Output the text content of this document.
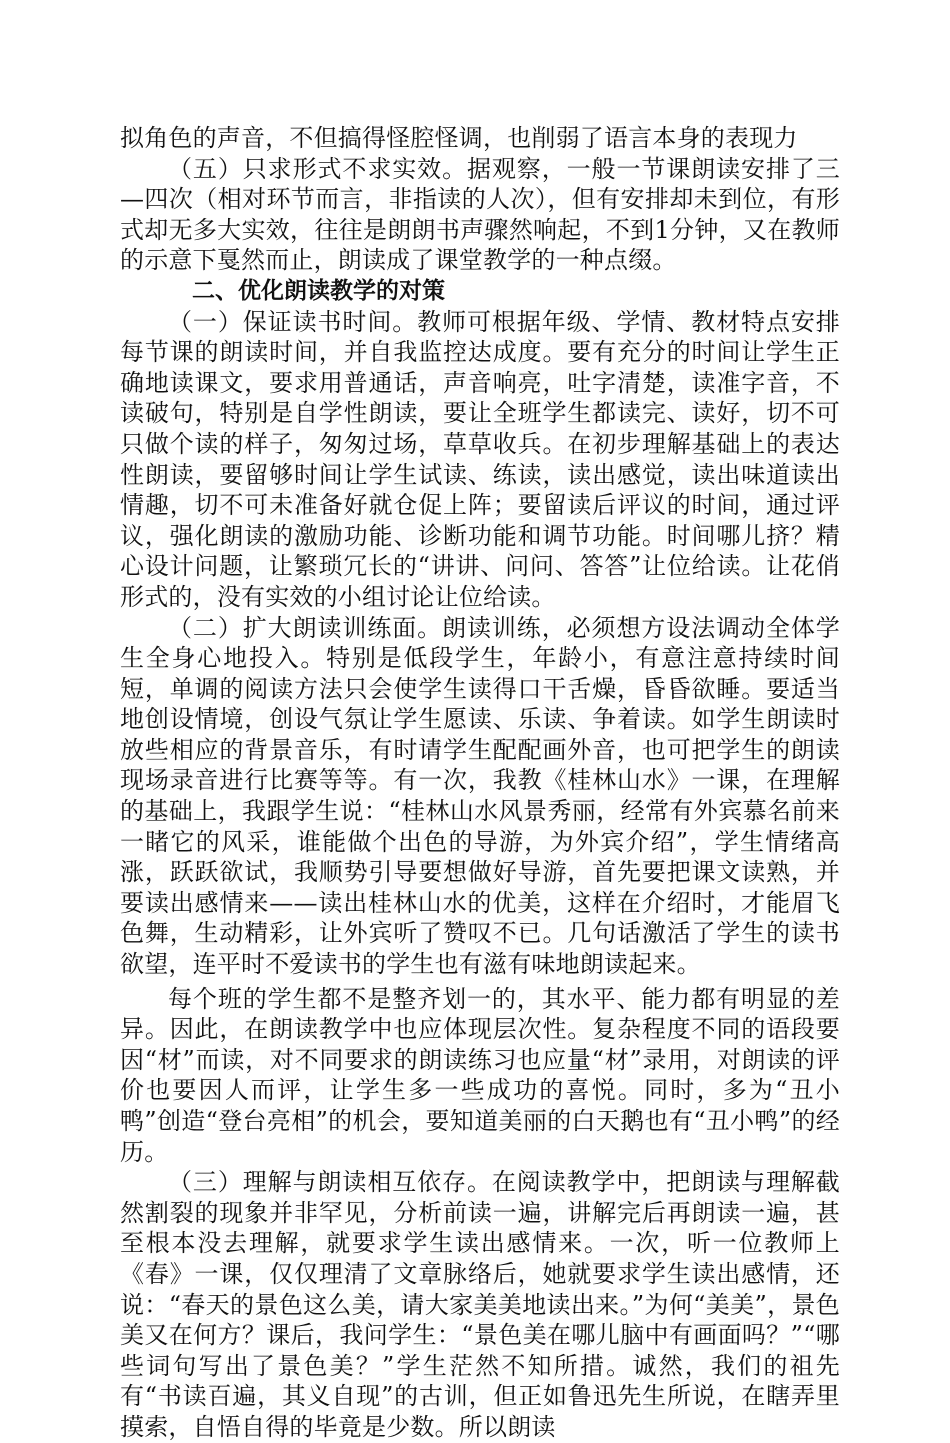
拟角色的声音，不但搞得怪腔怪调，也削弱了语言本身的表现力

（五）只求形式不求实效。据观察，一般一节课朗读安排了三—四次（相对环节而言，非指读的人次），但有安排却未到位，有形式却无多大实效，往往是朗朗书声骤然响起，不到1分钟，又在教师的示意下戛然而止，朗读成了课堂教学的一种点缀。

二、优化朗读教学的对策

（一）保证读书时间。教师可根据年级、学情、教材特点安排每节课的朗读时间，并自我监控达成度。要有充分的时间让学生正确地读课文，要求用普通话，声音响亮，吐字清楚，读准字音，不读破句，特别是自学性朗读，要让全班学生都读完、读好，切不可只做个读的样子，匆匆过场，草草收兵。在初步理解基础上的表达性朗读，要留够时间让学生试读、练读，读出感觉，读出味道读出情趣，切不可未准备好就仓促上阵；要留读后评议的时间，通过评议，强化朗读的激励功能、诊断功能和调节功能。时间哪儿挤？精心设计问题，让繁琐冗长的“讲讲、问问、答答”让位给读。让花俏形式的，没有实效的小组讨论让位给读。

（二）扩大朗读训练面。朗读训练，必须想方设法调动全体学生全身心地投入。特别是低段学生，年龄小，有意注意持续时间短，单调的阅读方法只会使学生读得口干舌燥，昏昏欲睡。要适当地创设情境，创设气氛让学生愿读、乐读、争着读。如学生朗读时放些相应的背景音乐，有时请学生配配画外音，也可把学生的朗读现场录音进行比赛等等。有一次，我教《桂林山水》一课，在理解的基础上，我跟学生说：“桂林山水风景秀丽，经常有外宾慕名前来一睹它的风采，谁能做个出色的导游，为外宾介绍”，学生情绪高涨，跃跃欲试，我顺势引导要想做好导游，首先要把课文读熟，并要读出感情来——读出桂林山水的优美，这样在介绍时，才能眉飞色舞，生动精彩，让外宾听了赞叹不已。几句话激活了学生的读书欲望，连平时不爱读书的学生也有滋有味地朗读起来。

每个班的学生都不是整齐划一的，其水平、能力都有明显的差异。因此，在朗读教学中也应体现层次性。复杂程度不同的语段要因“材”而读，对不同要求的朗读练习也应量“材”录用，对朗读的评价也要因人而评，让学生多一些成功的喜悦。同时，多为“丑小鸭”创造“登台亮相”的机会，要知道美丽的白天鹅也有“丑小鸭”的经历。

（三）理解与朗读相互依存。在阅读教学中，把朗读与理解截然割裂的现象并非罕见，分析前读一遍，讲解完后再朗读一遍，甚至根本没去理解，就要求学生读出感情来。一次，听一位教师上《春》一课，仅仅理清了文章脉络后，她就要求学生读出感情，还说：“春天的景色这么美，请大家美美地读出来。”为何“美美”，景色美又在何方？课后，我问学生：“景色美在哪儿脑中有画面吗？”“哪些词句写出了景色美？”学生茫然不知所措。诚然，我们的祖先有“书读百遍，其义自现”的古训，但正如鲁迅先生所说，在瞎弄里摸索，自悟自得的毕竟是少数。所以朗读
